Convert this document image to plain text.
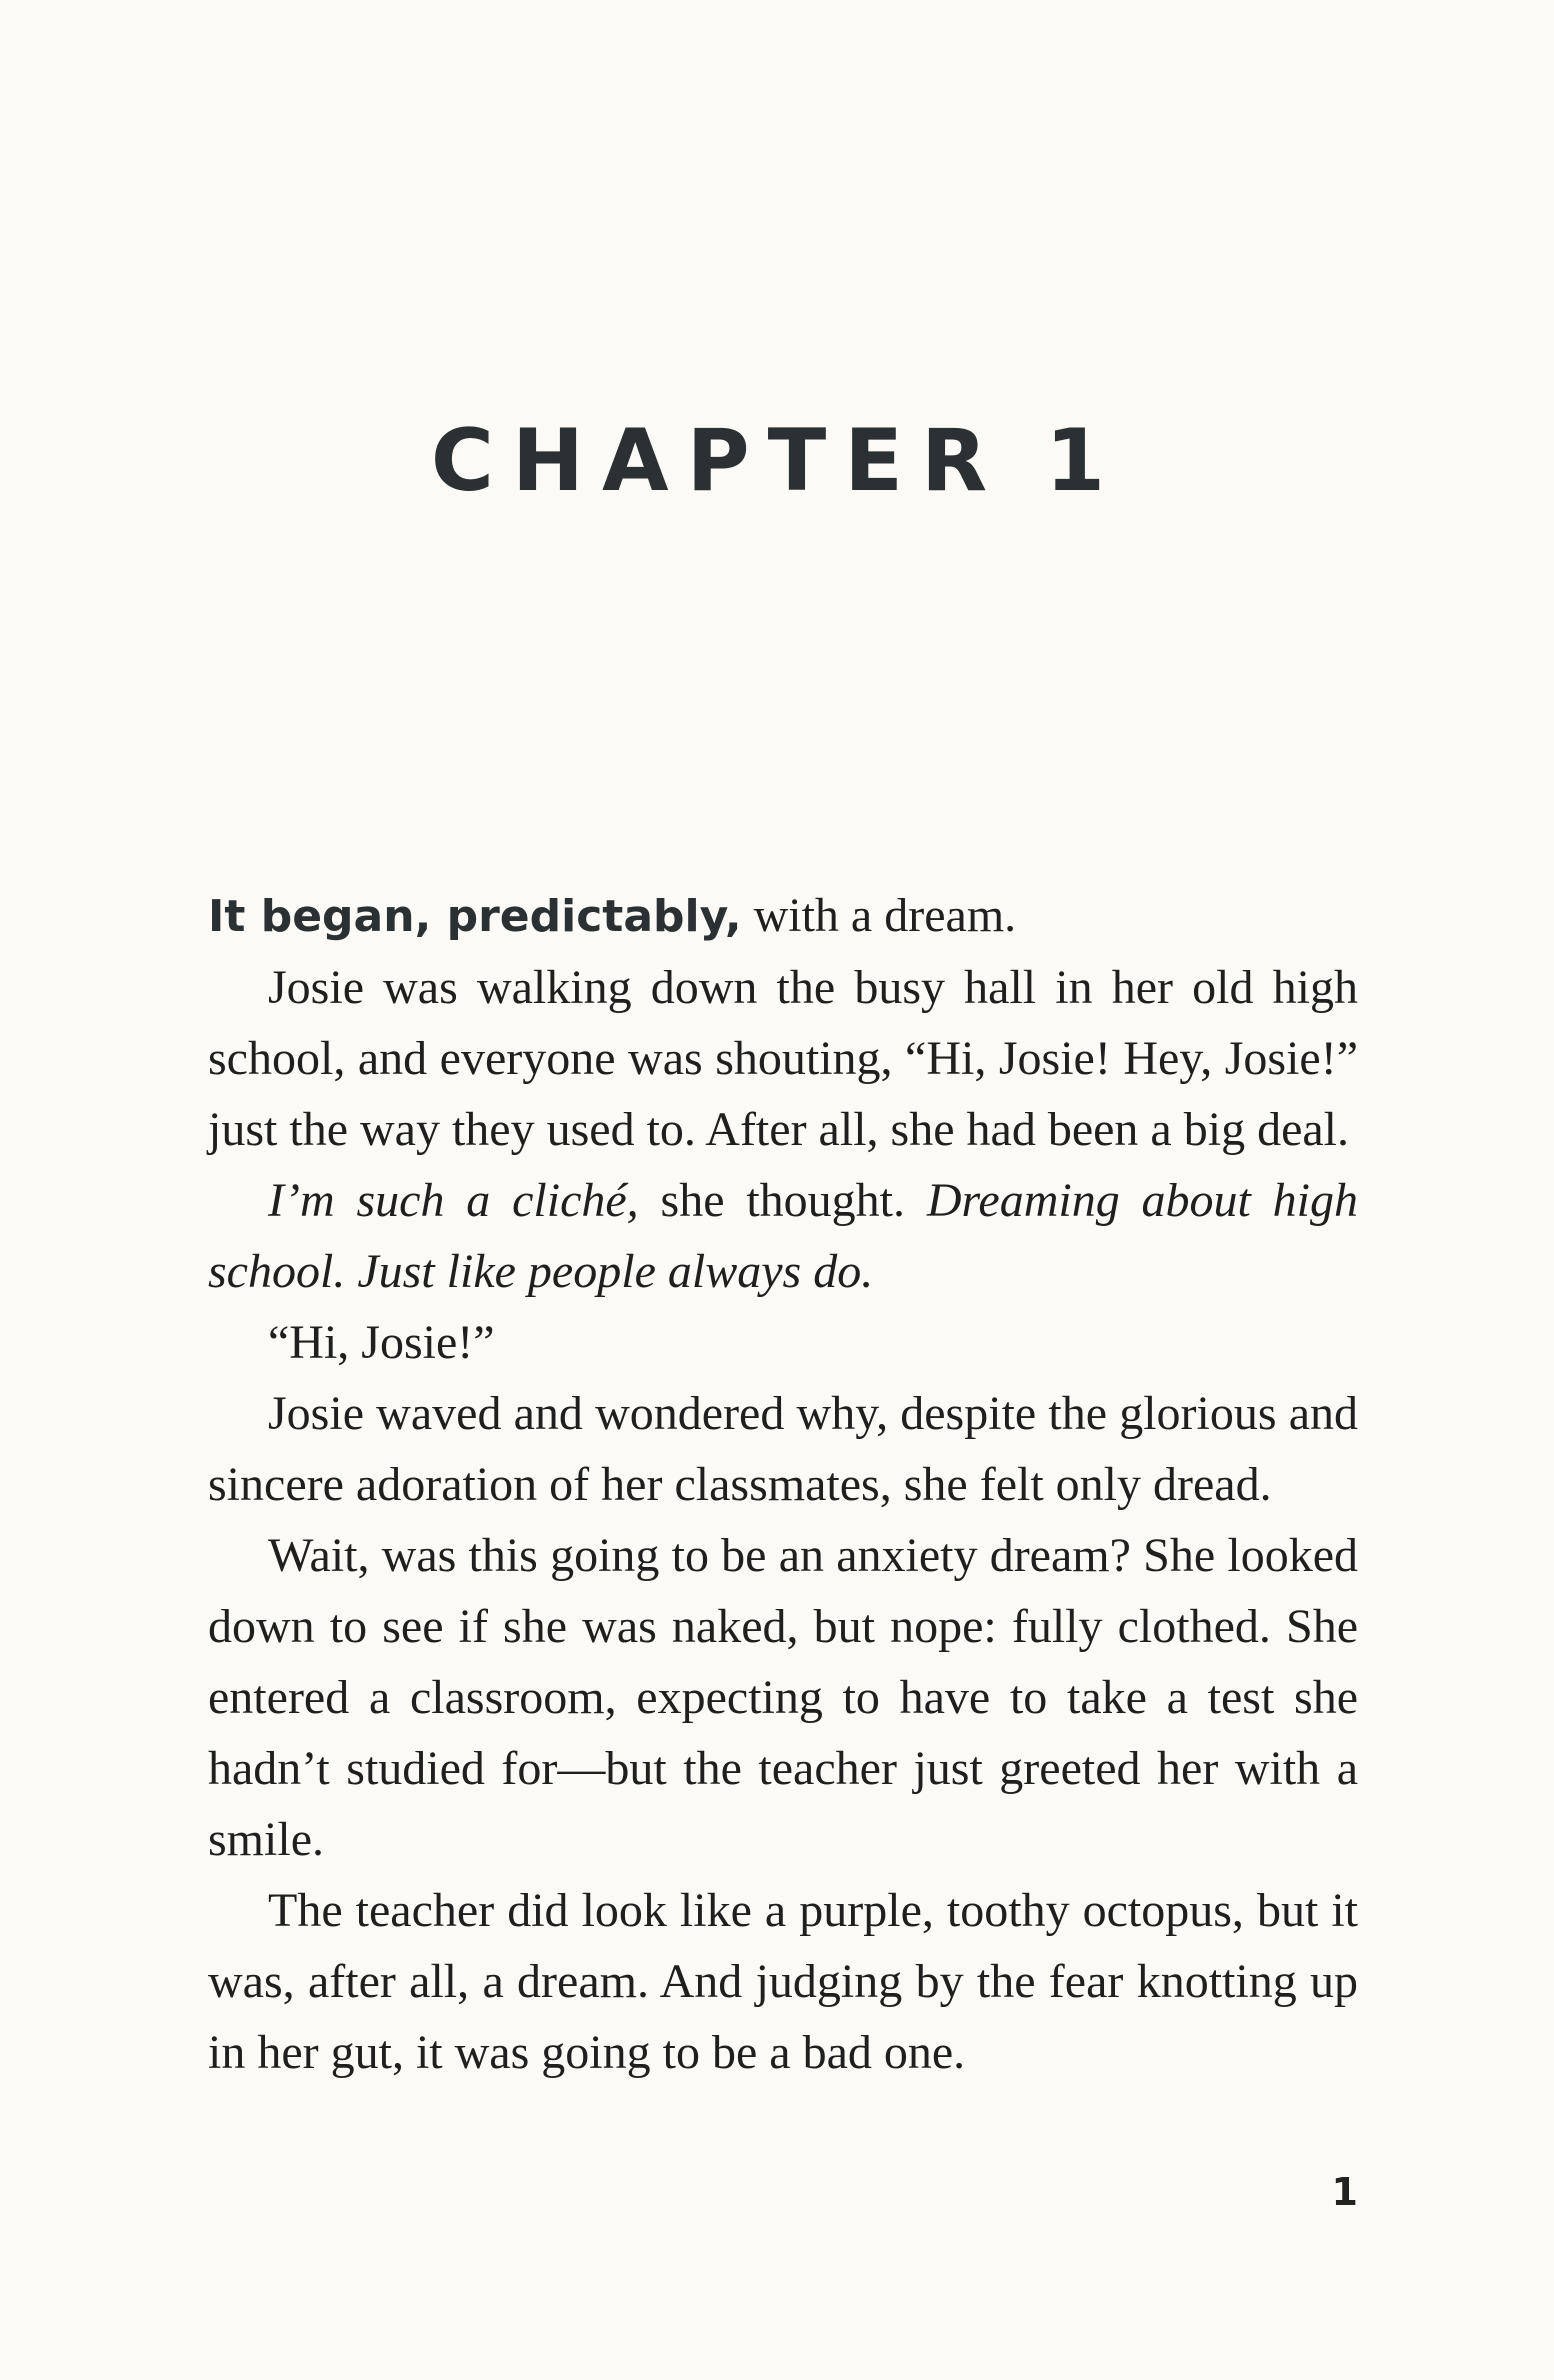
CHAPTER 1

It began, predictably, with a dream.

Josie was walking down the busy hall in her old high school, and everyone was shouting, “Hi, Josie! Hey, Josie!” just the way they used to. After all, she had been a big deal.

I’m such a cliché, she thought. Dreaming about high school. Just like people always do.

“Hi, Josie!”

Josie waved and wondered why, despite the glorious and sincere adoration of her classmates, she felt only dread.

Wait, was this going to be an anxiety dream? She looked down to see if she was naked, but nope: fully clothed. She entered a classroom, expecting to have to take a test she hadn’t studied for—but the teacher just greeted her with a smile.

The teacher did look like a purple, toothy octopus, but it was, after all, a dream. And judging by the fear knotting up in her gut, it was going to be a bad one.

1
